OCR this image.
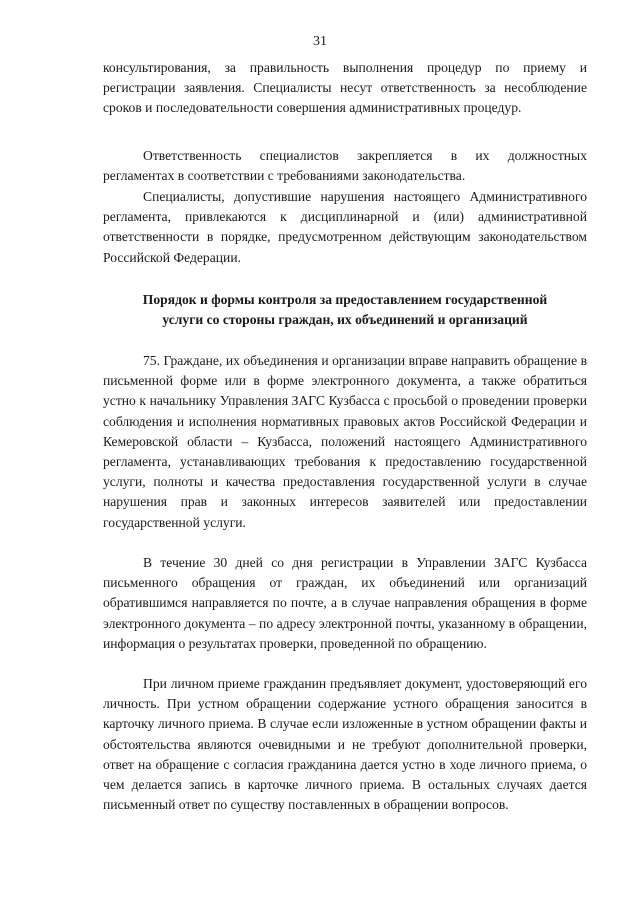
31

консультирования, за правильность выполнения процедур по приему и регистрации заявления. Специалисты несут ответственность за несоблюдение сроков и последовательности совершения административных процедур.

Ответственность специалистов закрепляется в их должностных регламентах в соответствии с требованиями законодательства.

Специалисты, допустившие нарушения настоящего Административного регламента, привлекаются к дисциплинарной и (или) административной ответственности в порядке, предусмотренном действующим законодательством Российской Федерации.

Порядок и формы контроля за предоставлением государственной
услуги со стороны граждан, их объединений и организаций

75. Граждане, их объединения и организации вправе направить обращение в письменной форме или в форме электронного документа, а также обратиться устно к начальнику Управления ЗАГС Кузбасса с просьбой о проведении проверки соблюдения и исполнения нормативных правовых актов Российской Федерации и Кемеровской области – Кузбасса, положений настоящего Административного регламента, устанавливающих требования к предоставлению государственной услуги, полноты и качества предоставления государственной услуги в случае нарушения прав и законных интересов заявителей или предоставлении государственной услуги.

В течение 30 дней со дня регистрации в Управлении ЗАГС Кузбасса письменного обращения от граждан, их объединений или организаций обратившимся направляется по почте, а в случае направления обращения в форме электронного документа – по адресу электронной почты, указанному в обращении, информация о результатах проверки, проведенной по обращению.

При личном приеме гражданин предъявляет документ, удостоверяющий его личность. При устном обращении содержание устного обращения заносится в карточку личного приема. В случае если изложенные в устном обращении факты и обстоятельства являются очевидными и не требуют дополнительной проверки, ответ на обращение с согласия гражданина дается устно в ходе личного приема, о чем делается запись в карточке личного приема. В остальных случаях дается письменный ответ по существу поставленных в обращении вопросов.
